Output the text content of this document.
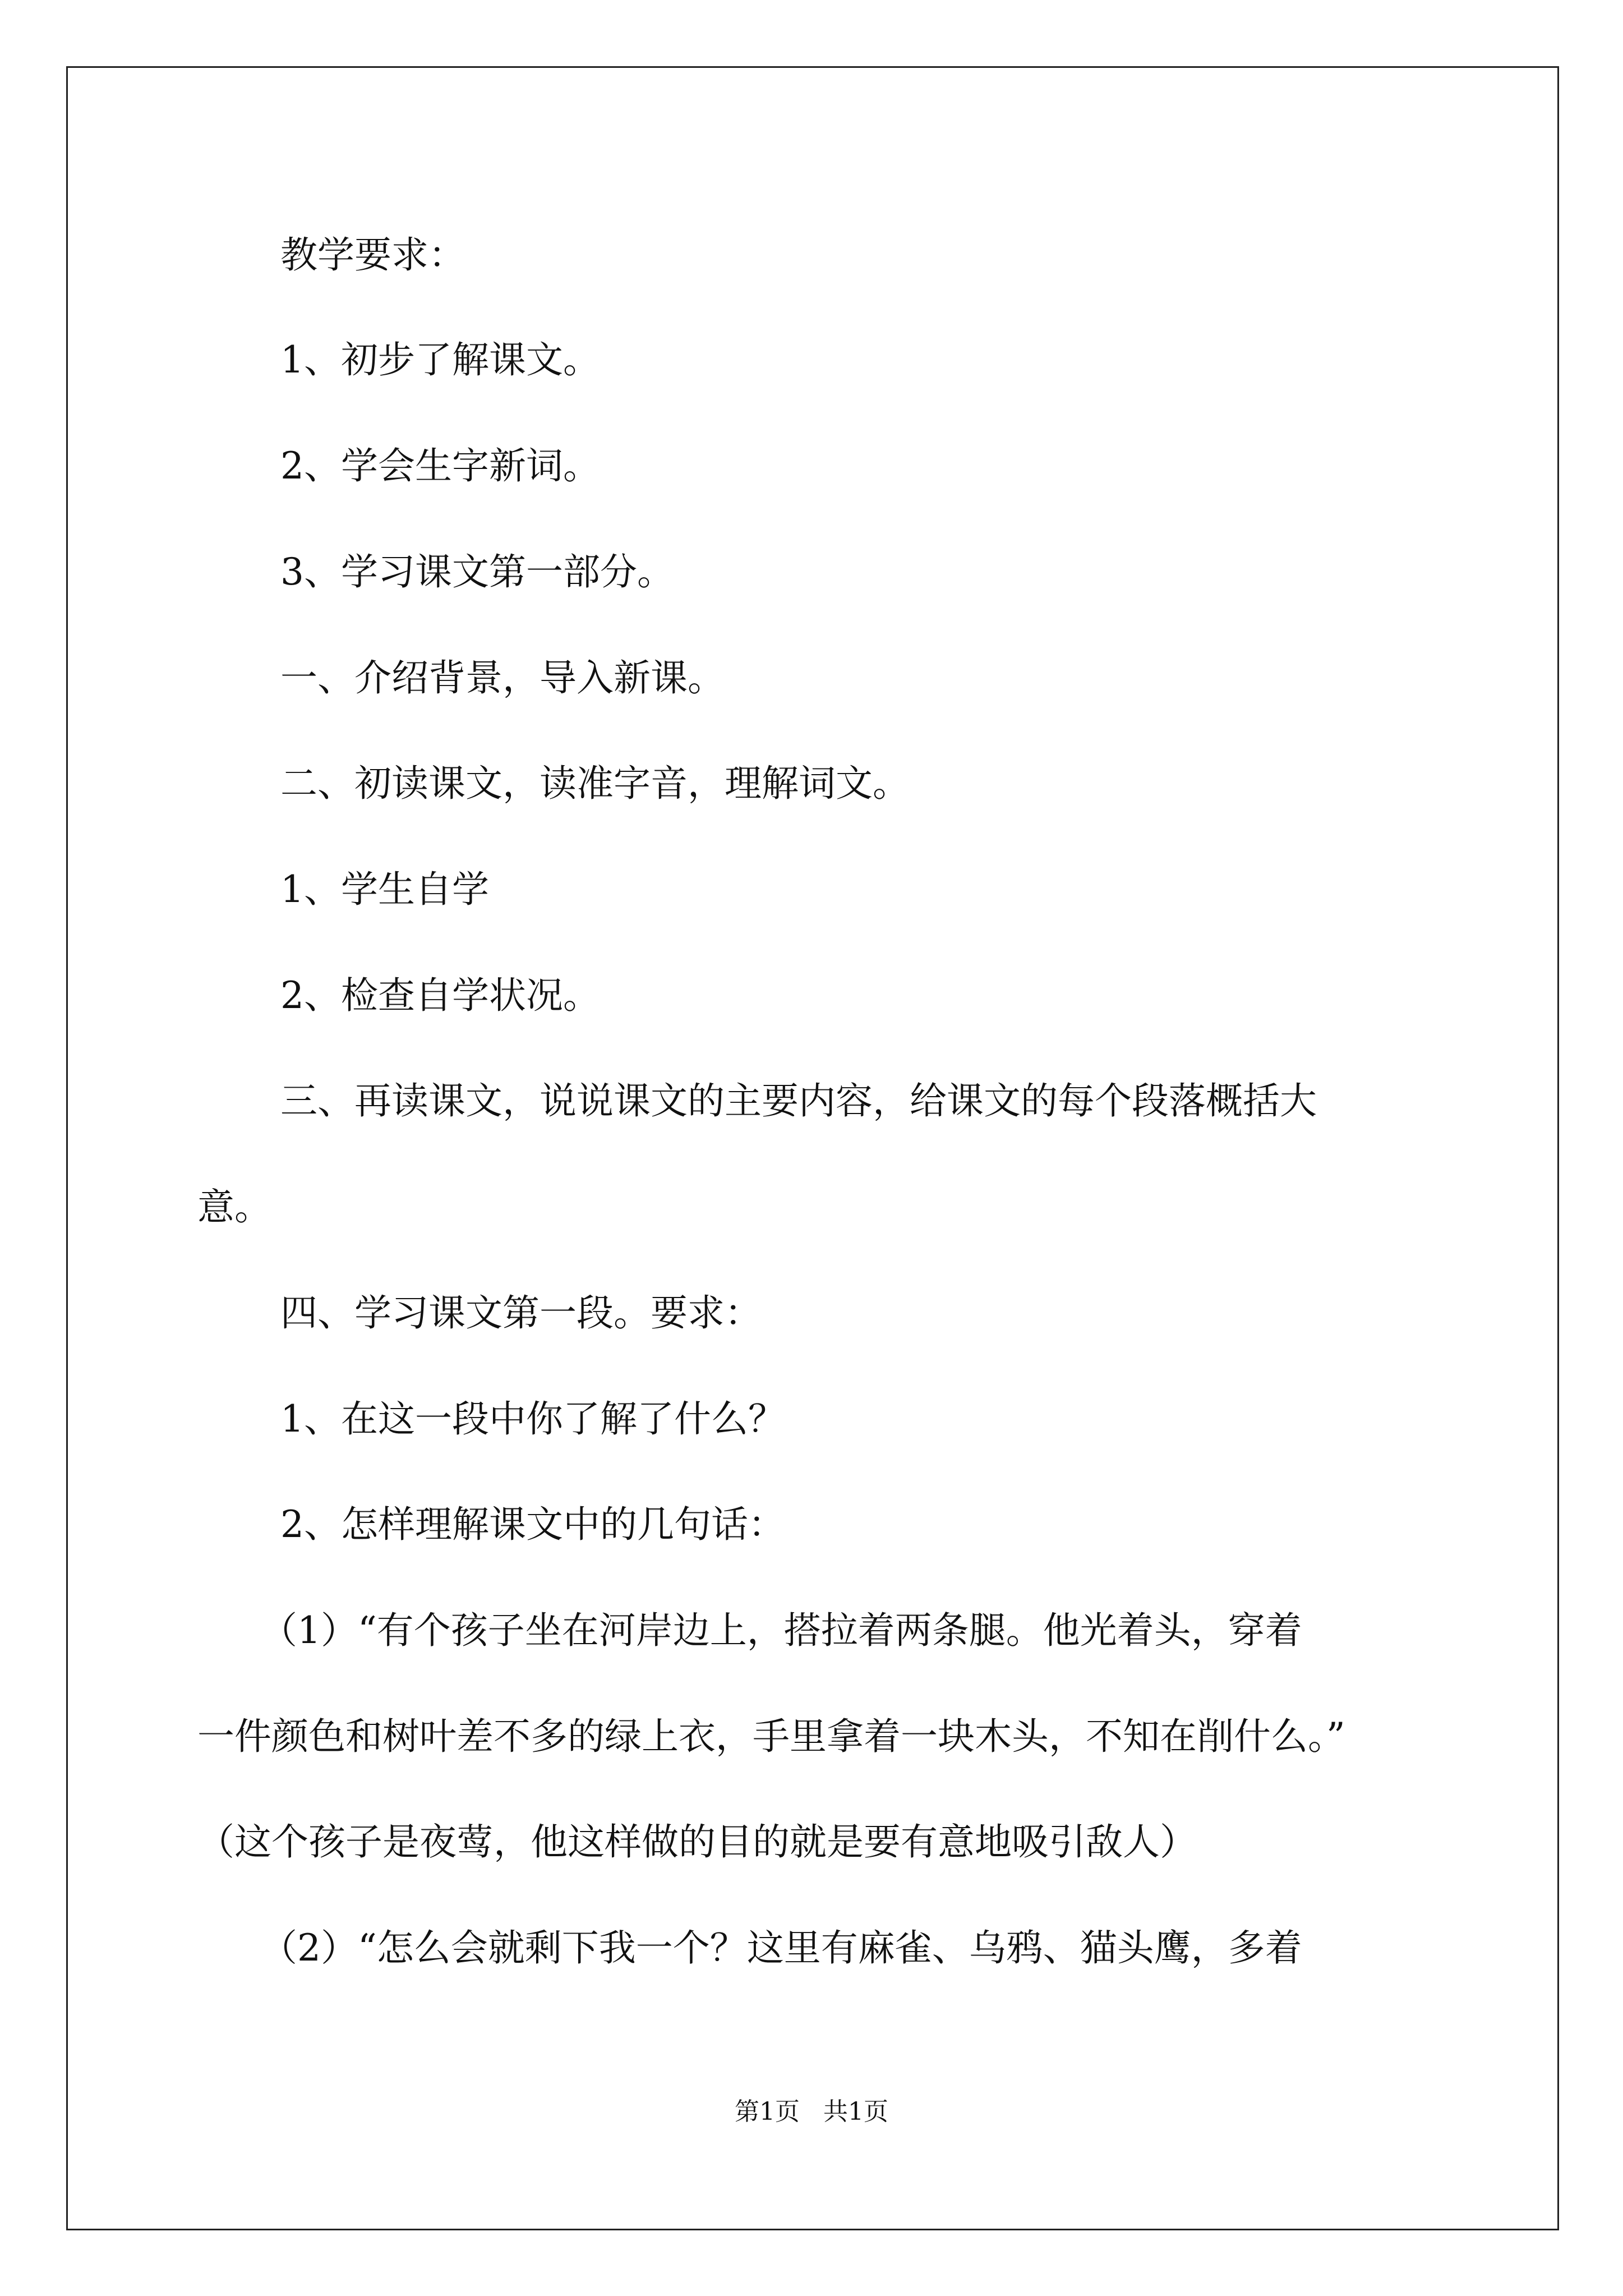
教学要求：
1、初步了解课文。
2、学会生字新词。
3、学习课文第一部分。
一、介绍背景，导入新课。
二、初读课文，读准字音，理解词文。
1、学生自学
2、检查自学状况。
三、再读课文，说说课文的主要内容，给课文的每个段落概括大
意。
四、学习课文第一段。要求：
1、在这一段中你了解了什么？
2、怎样理解课文中的几句话：
（1）“有个孩子坐在河岸边上，搭拉着两条腿。他光着头，穿着
一件颜色和树叶差不多的绿上衣，手里拿着一块木头，不知在削什么。”
（这个孩子是夜莺，他这样做的目的就是要有意地吸引敌人）
（2）“怎么会就剩下我一个？这里有麻雀、乌鸦、猫头鹰，多着
第1页 共1页
